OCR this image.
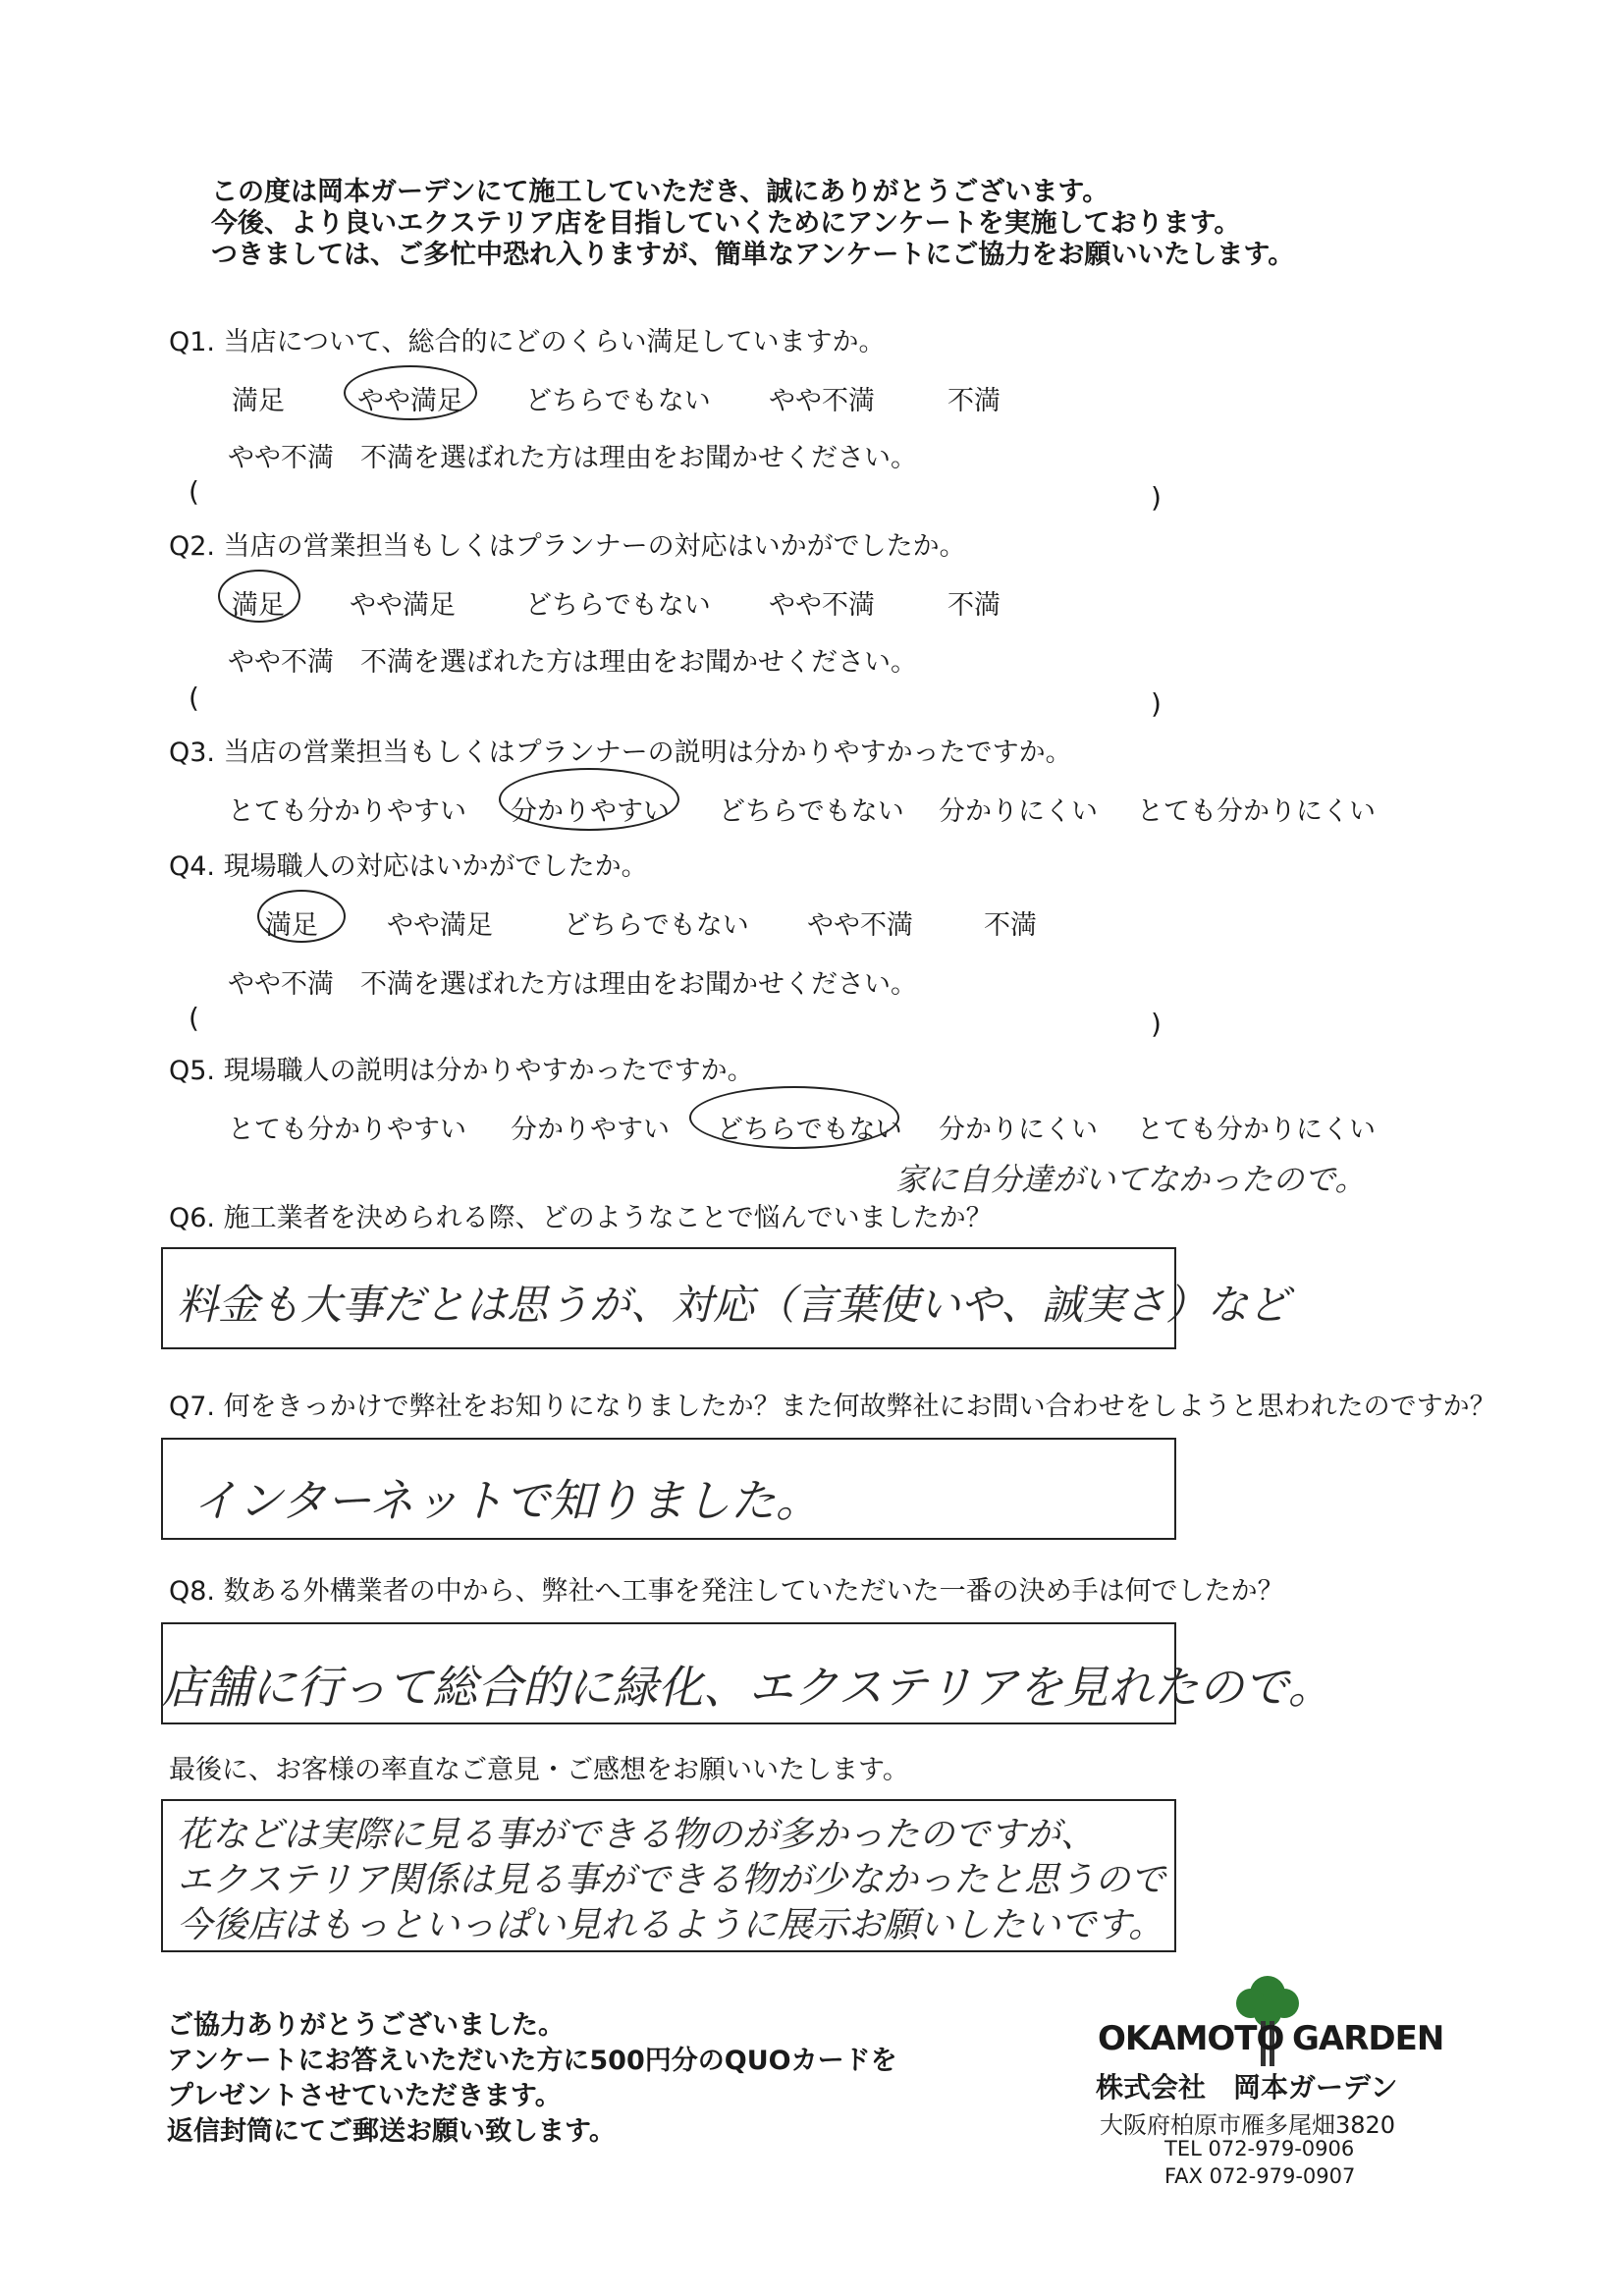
この度は岡本ガーデンにて施工していただき、誠にありがとうございます。
今後、より良いエクステリア店を目指していくためにアンケートを実施しております。
つきましては、ご多忙中恐れ入りますが、簡単なアンケートにご協力をお願いいたします。
Q1. 当店について、総合的にどのくらい満足していますか。
満足	やや満足 どちらでもない やや不満	不満
やや不満　不満を選ばれた方は理由をお聞かせください。
(	)
Q2. 当店の営業担当もしくはプランナーの対応はいかがでしたか。
満足 やや満足	どちらでもない やや不満	不満
やや不満　不満を選ばれた方は理由をお聞かせください。
(	)
Q3. 当店の営業担当もしくはプランナーの説明は分かりやすかったですか。
とても分かりやすい 分かりやすい どちらでもない 分かりにくい とても分かりにくい
Q4. 現場職人の対応はいかがでしたか。
満足	やや満足	どちらでもない やや不満	不満
やや不満　不満を選ばれた方は理由をお聞かせください。
(	)
Q5. 現場職人の説明は分かりやすかったですか。
とても分かりやすい 分かりやすい どちらでもない 分かりにくい とても分かりにくい
家に自分達がいてなかったので。
Q6. 施工業者を決められる際、どのようなことで悩んでいましたか？
料金も大事だとは思うが、対応（言葉使いや、誠実さ）など
Q7. 何をきっかけで弊社をお知りになりましたか？また何故弊社にお問い合わせをしようと思われたのですか？
インターネットで知りました。
Q8. 数ある外構業者の中から、弊社へ工事を発注していただいた一番の決め手は何でしたか？
店舗に行って総合的に緑化、エクステリアを見れたので。
最後に、お客様の率直なご意見・ご感想をお願いいたします。
花などは実際に見る事ができる物のが多かったのですが、
エクステリア関係は見る事ができる物が少なかったと思うので
今後店はもっといっぱい見れるように展示お願いしたいです。
ご協力ありがとうございました。
アンケートにお答えいただいた方に500円分のQUOカードを
プレゼントさせていただきます。
返信封筒にてご郵送お願い致します。
OKAMOTO GARDEN
株式会社　岡本ガーデン
大阪府柏原市雁多尾畑3820
TEL 072-979-0906
FAX 072-979-0907
